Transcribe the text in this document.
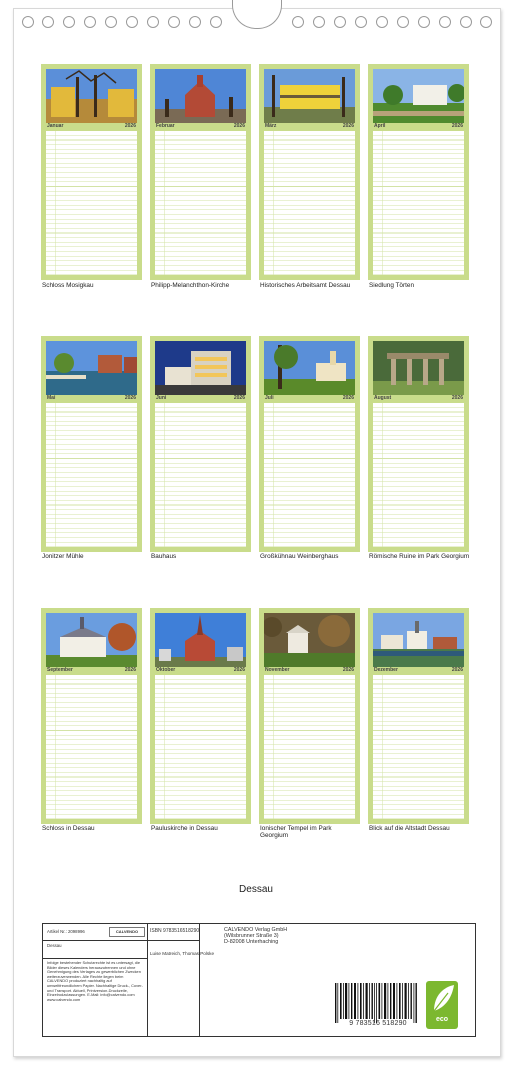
Januar	2026	Februar	2026	März	2026	April	2026
Schloss Mosigkau	Philipp-Melanchthon-Kirche	Historisches Arbeitsamt Dessau	Siedlung Törten
Mai	2026	Juni	2026	Juli	2026	August	2026
Jonitzer Mühle	Bauhaus	Großkühnau Weinberghaus	Römische Ruine im Park Georgium
September	2026	Oktober	2026	November	2026	Dezember	2026
Schloss in Dessau	Pauluskirche in Dessau	Ionischer Tempel im Park Georgium
Blick auf die Altstadt Dessau
Dessau
Artikel Nr.: 2098996	CALVENDO
Dessau
Infolge bestehender Schutzrechte ist es untersagt, die Bilder dieses Kalenders herauszutrennen und ohne Genehmigung des Verlages zu gewerblichen Zwecken weiterzuverwenden. Alle Rechte liegen beim CALVENDO produziert nachhaltig auf umweltfreundlichem Papier. Nachhaltige Druck-, Cover- und Transport. Aktuell, Printversion-Druckzeile, Einzelrodzulassungen. E-Mail: info@calvendo.com www.calvendo.com
ISBN 9783516518290
Luise Matreich, Thomas Polske
CALVENDO Verlag GmbH
(Wilsbrunner Straße 3)
D-82008 Unterhaching
9 783516 518290
eco
